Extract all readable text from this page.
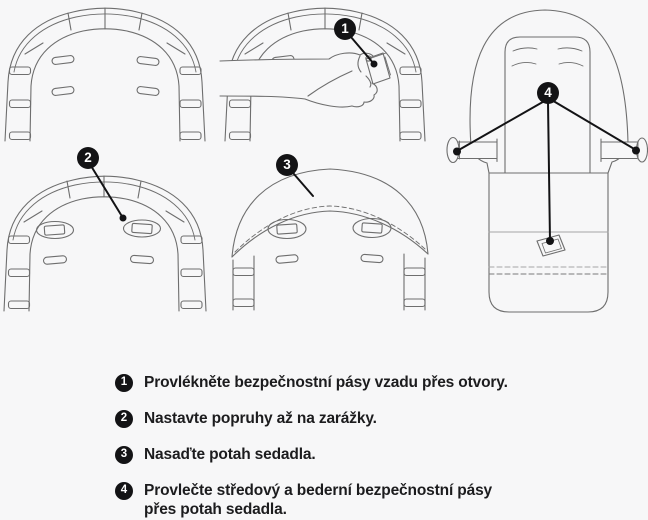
1
2	3
4
1	Provlékněte bezpečnostní pásy vzadu přes otvory.
2	Nastavte popruhy až na zarážky.
3	Nasaďte potah sedadla.
4	Provlečte středový a bederní bezpečnostní pásy
přes potah sedadla.
